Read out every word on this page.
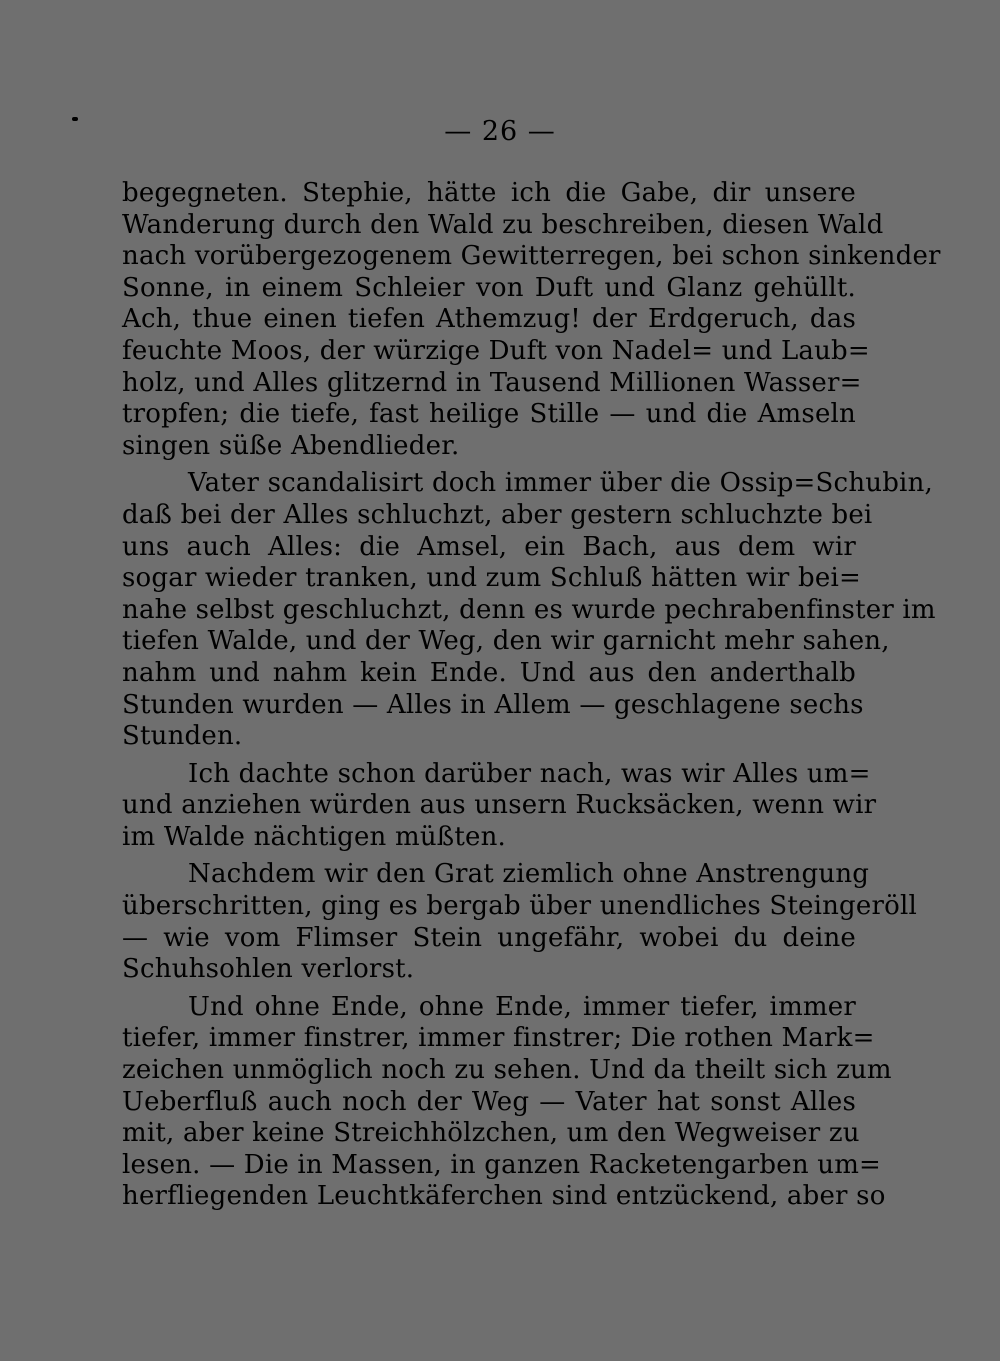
— 26 —
begegneten. Stephie, hätte ich die Gabe, dir unsere
Wanderung durch den Wald zu beschreiben, diesen Wald
nach vorübergezogenem Gewitterregen, bei schon sinkender
Sonne, in einem Schleier von Duft und Glanz gehüllt.
Ach, thue einen tiefen Athemzug! der Erdgeruch, das
feuchte Moos, der würzige Duft von Nadel= und Laub=
holz, und Alles glitzernd in Tausend Millionen Wasser=
tropfen; die tiefe, fast heilige Stille — und die Amseln
singen süße Abendlieder.
Vater scandalisirt doch immer über die Ossip=Schubin,
daß bei der Alles schluchzt, aber gestern schluchzte bei
uns auch Alles: die Amsel, ein Bach, aus dem wir
sogar wieder tranken, und zum Schluß hätten wir bei=
nahe selbst geschluchzt, denn es wurde pechrabenfinster im
tiefen Walde, und der Weg, den wir garnicht mehr sahen,
nahm und nahm kein Ende. Und aus den anderthalb
Stunden wurden — Alles in Allem — geschlagene sechs
Stunden.
Ich dachte schon darüber nach, was wir Alles um=
und anziehen würden aus unsern Rucksäcken, wenn wir
im Walde nächtigen müßten.
Nachdem wir den Grat ziemlich ohne Anstrengung
überschritten, ging es bergab über unendliches Steingeröll
— wie vom Flimser Stein ungefähr, wobei du deine
Schuhsohlen verlorst.
Und ohne Ende, ohne Ende, immer tiefer, immer
tiefer, immer finstrer, immer finstrer; Die rothen Mark=
zeichen unmöglich noch zu sehen. Und da theilt sich zum
Ueberfluß auch noch der Weg — Vater hat sonst Alles
mit, aber keine Streichhölzchen, um den Wegweiser zu
lesen. — Die in Massen, in ganzen Racketengarben um=
herfliegenden Leuchtkäferchen sind entzückend, aber so
